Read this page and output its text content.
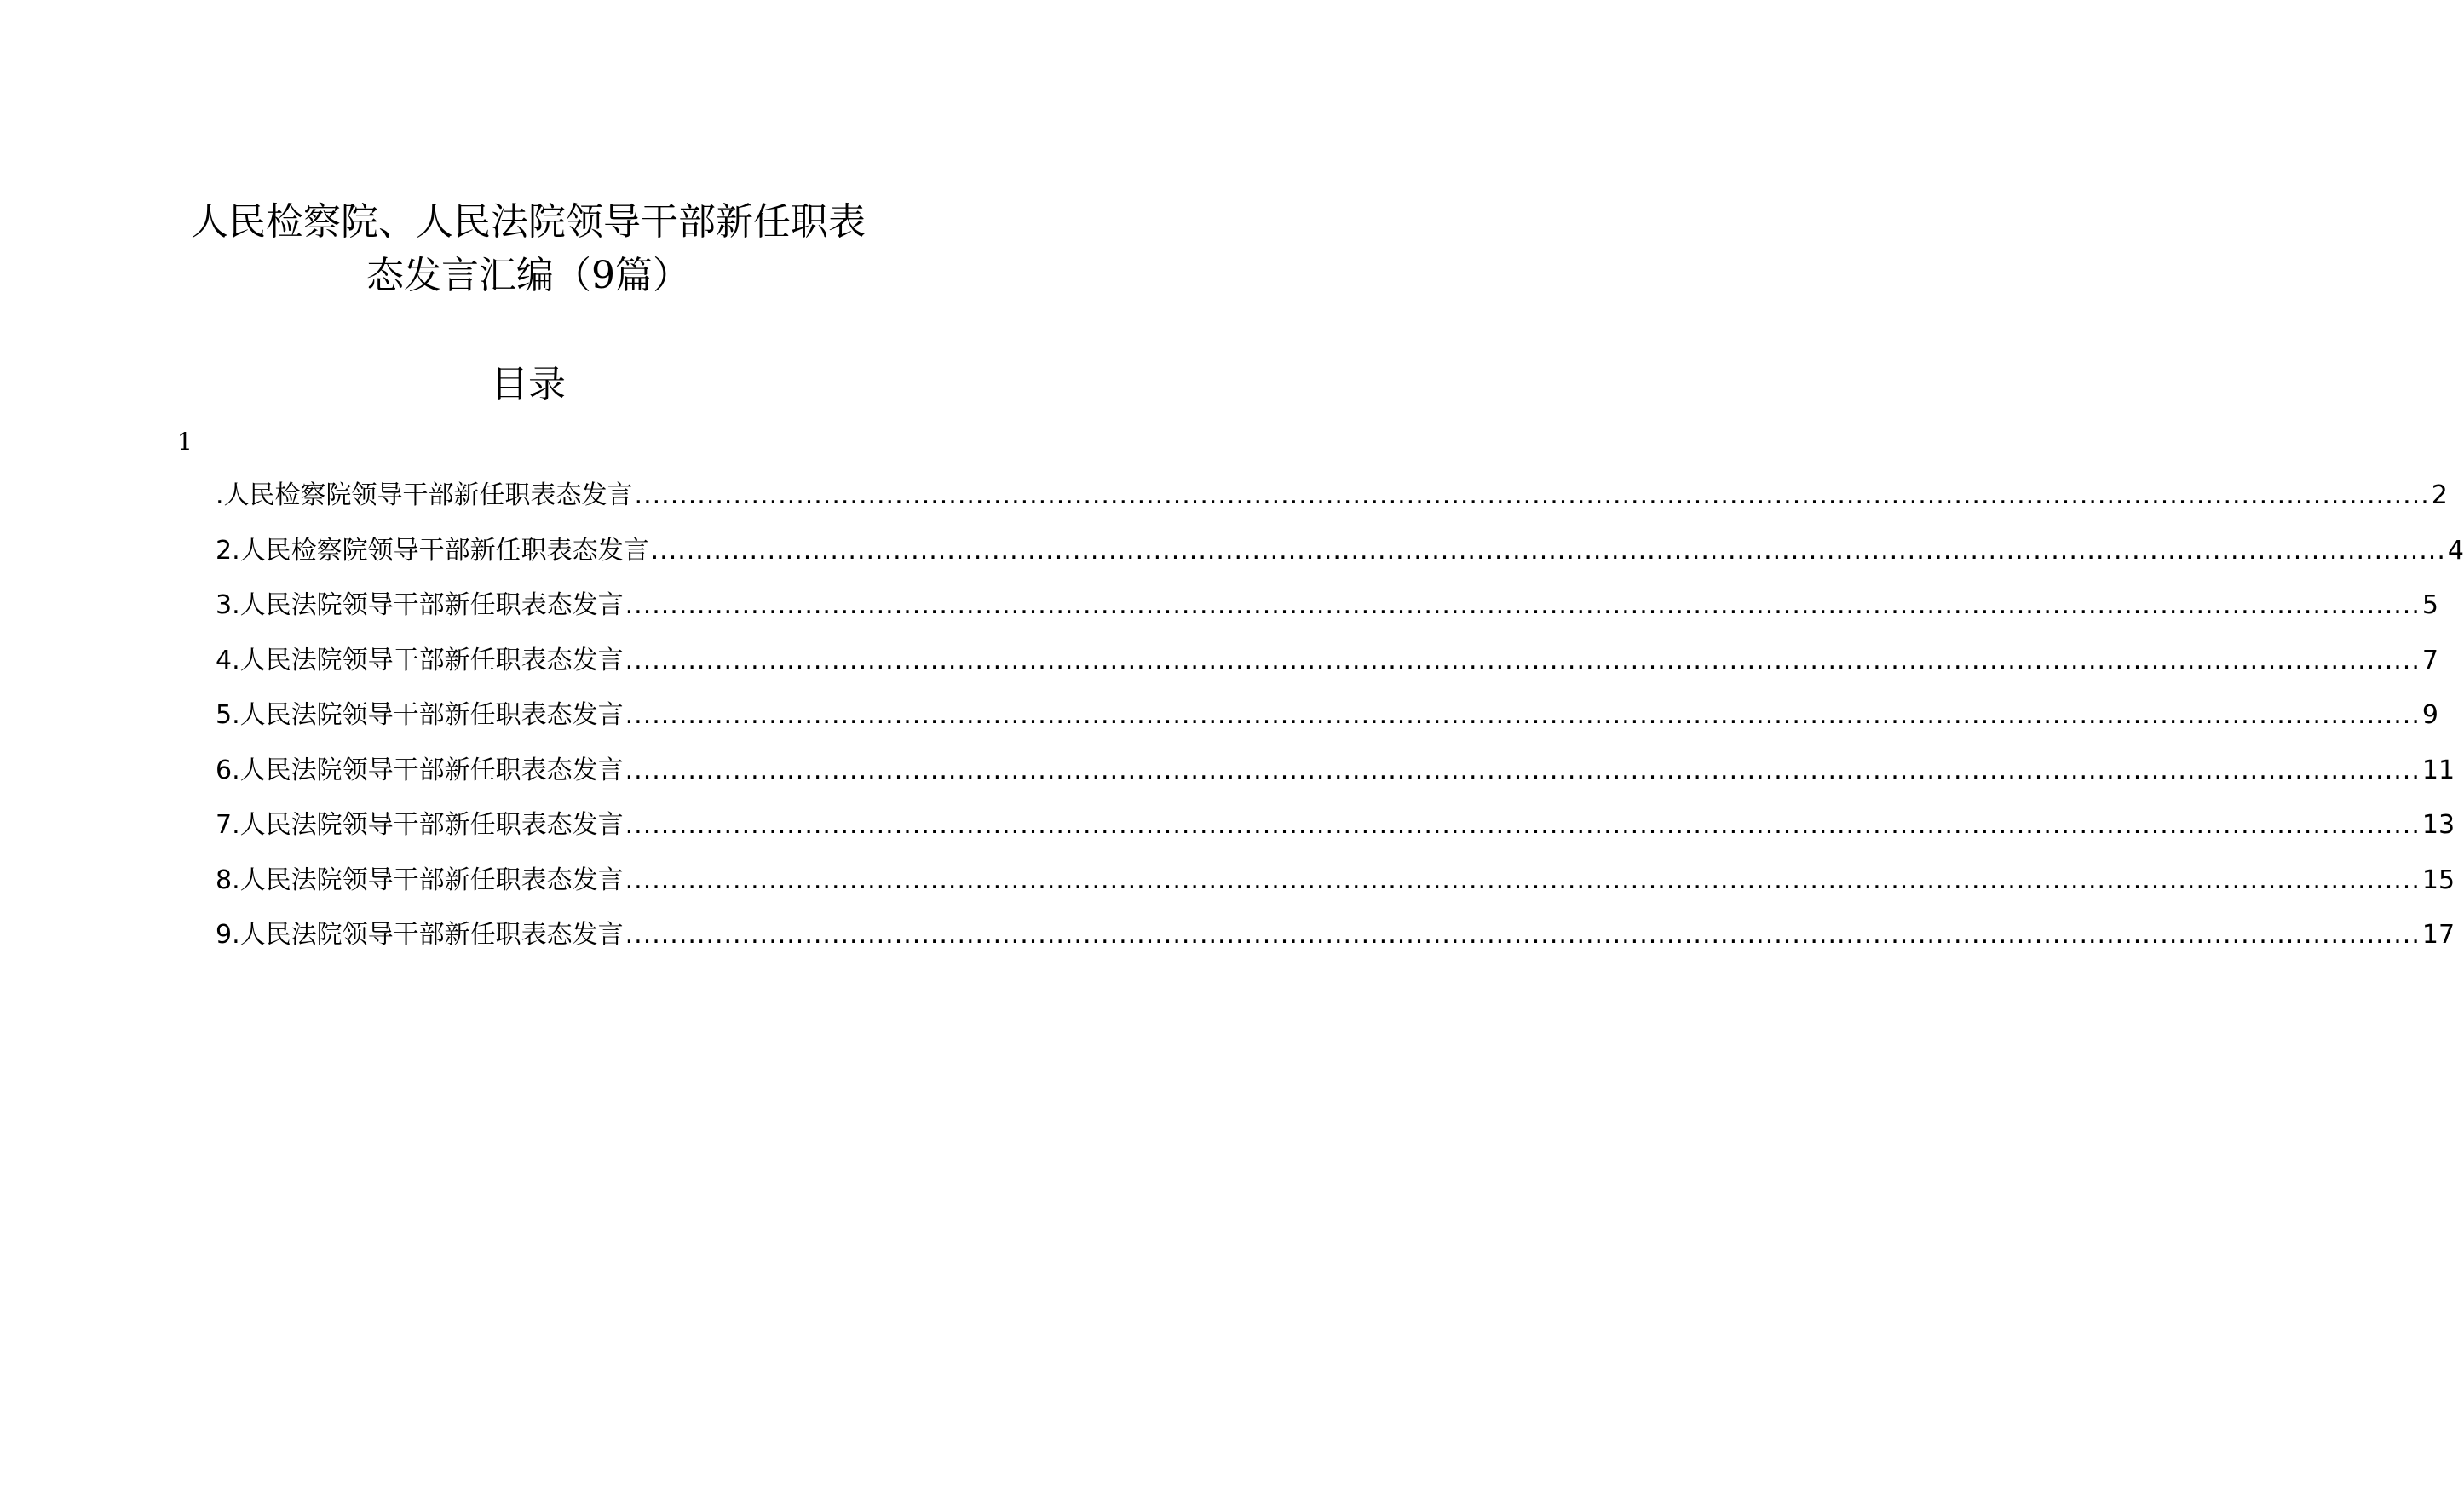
人民检察院、人民法院领导干部新任职表
态发言汇编（9篇）
目录
1
.人民检察院领导干部新任职表态发言 ........................................................................................................................................................................................................ 2
2.人民检察院领导干部新任职表态发言 ........................................................................................................................................................................................................ 4
3.人民法院领导干部新任职表态发言 ........................................................................................................................................................................................................ 5
4.人民法院领导干部新任职表态发言 ........................................................................................................................................................................................................ 7
5.人民法院领导干部新任职表态发言 ........................................................................................................................................................................................................ 9
6.人民法院领导干部新任职表态发言 ........................................................................................................................................................................................................ 11
7.人民法院领导干部新任职表态发言 ........................................................................................................................................................................................................ 13
8.人民法院领导干部新任职表态发言 ........................................................................................................................................................................................................ 15
9.人民法院领导干部新任职表态发言 ........................................................................................................................................................................................................ 17
